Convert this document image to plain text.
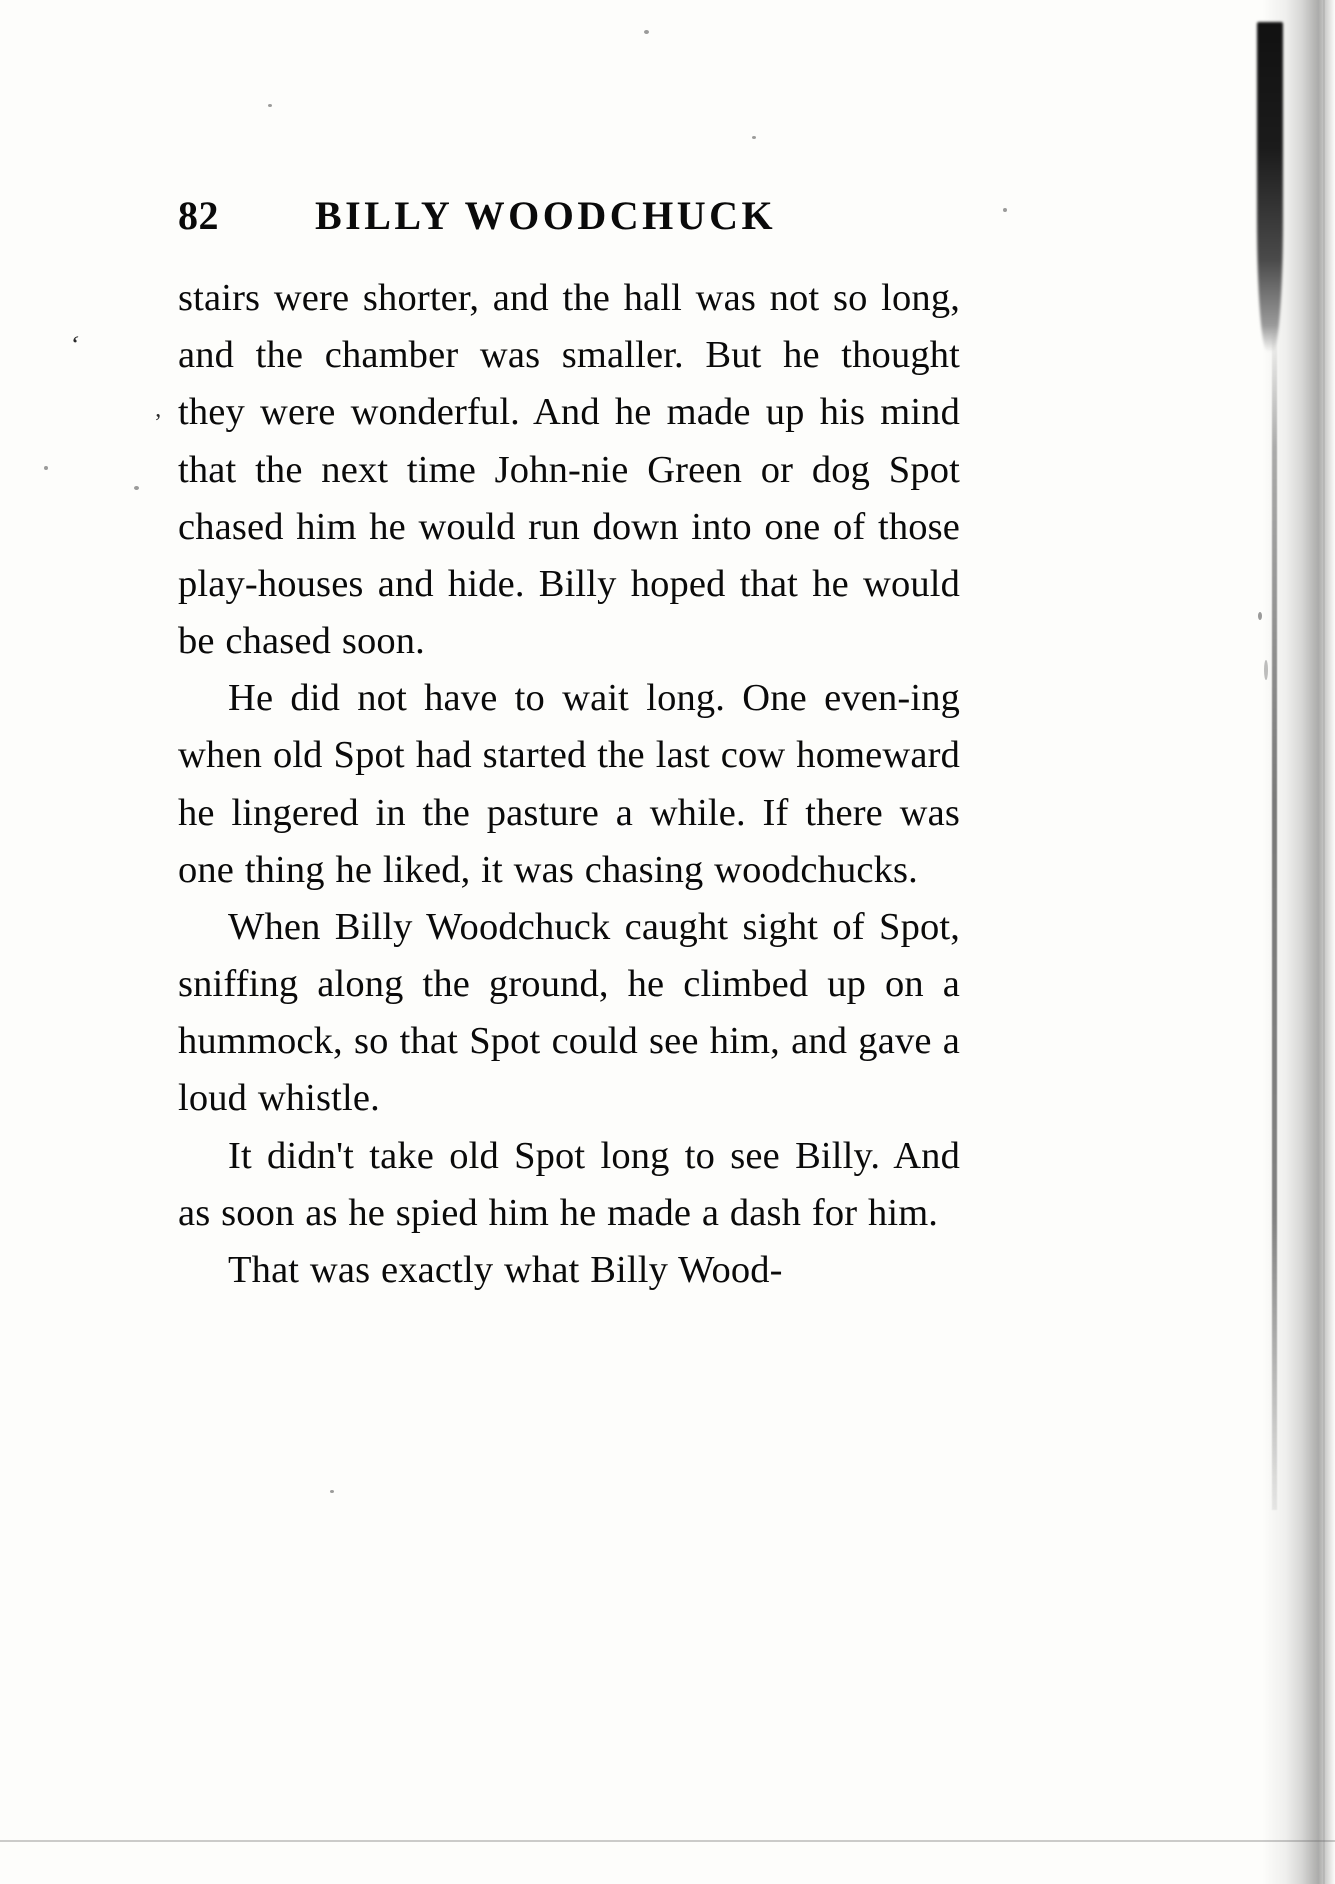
‘
’
82 BILLY WOODCHUCK

stairs were shorter, and the hall was not so long, and the chamber was smaller. But he thought they were wonderful. And he made up his mind that the next time John-nie Green or dog Spot chased him he would run down into one of those play-houses and hide. Billy hoped that he would be chased soon.

He did not have to wait long. One even-ing when old Spot had started the last cow homeward he lingered in the pasture a while. If there was one thing he liked, it was chasing woodchucks.

When Billy Woodchuck caught sight of Spot, sniffing along the ground, he climbed up on a hummock, so that Spot could see him, and gave a loud whistle.

It didn't take old Spot long to see Billy. And as soon as he spied him he made a dash for him.

That was exactly what Billy Wood-
